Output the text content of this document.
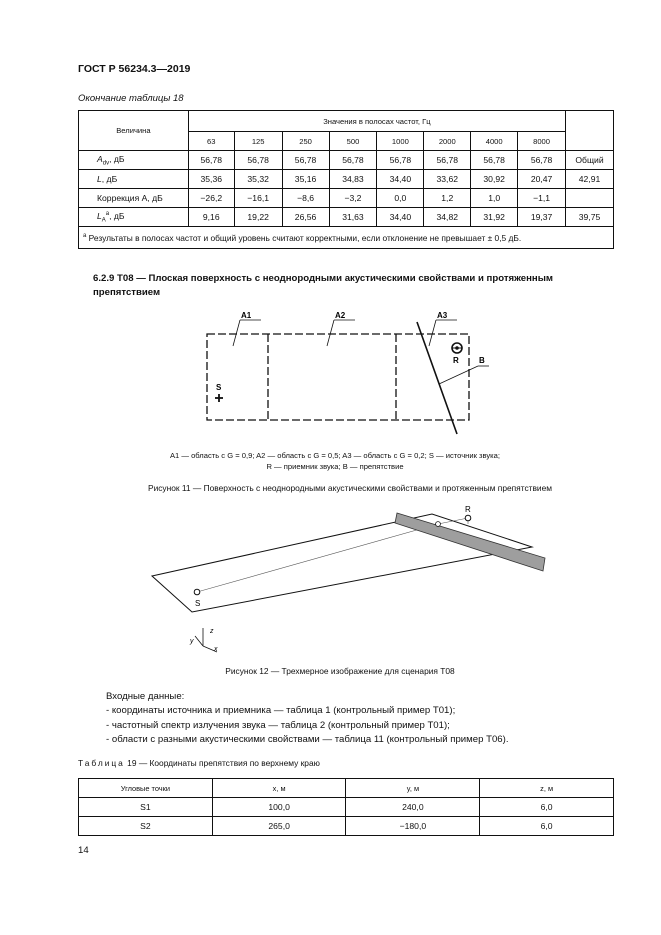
ГОСТ Р 56234.3—2019
Окончание таблицы 18
Величина	Значения в полосах частот, Гц								
	63	125	250	500	1000	2000	4000	8000	
$A_{dv}$, дБ	56,78	56,78	56,78	56,78	56,78	56,78	56,78	56,78	Общий
L, дБ	35,36	35,32	35,16	34,83	34,40	33,62	30,92	20,47	42,91
Коррекция A, дБ	−26,2	−16,1	−8,6	−3,2	0,0	1,2	1,0	−1,1	
$L_A^a$, дБ	9,16	19,22	26,56	31,63	34,40	34,82	31,92	19,37	39,75
$^a$ Результаты в полосах частот и общий уровень считают корректными, если отклонение не превышает ± 0,5 дБ.									
6.2.9 T08 — Плоская поверхность с неоднородными акустическими свойствами и протяженным препятствием
A1	A2	A3
B
R
S
A1 — область с G = 0,9; A2 — область с G = 0,5; A3 — область с G = 0,2; S — источник звука;
R — приемник звука; B — препятствие
Рисунок 11 — Поверхность с неоднородными акустическими свойствами и протяженным препятствием
R
S
z
y
x
Рисунок 12 — Трехмерное изображение для сценария T08
Входные данные:
- координаты источника и приемника — таблица 1 (контрольный пример T01);
- частотный спектр излучения звука — таблица 2 (контрольный пример T01);
- области с разными акустическими свойствами — таблица 11 (контрольный пример T06).
Таблица 19 — Координаты препятствия по верхнему краю
Угловые точки	x, м	y, м	z, м
S1	100,0	240,0	6,0
S2	265,0	−180,0	6,0
14
